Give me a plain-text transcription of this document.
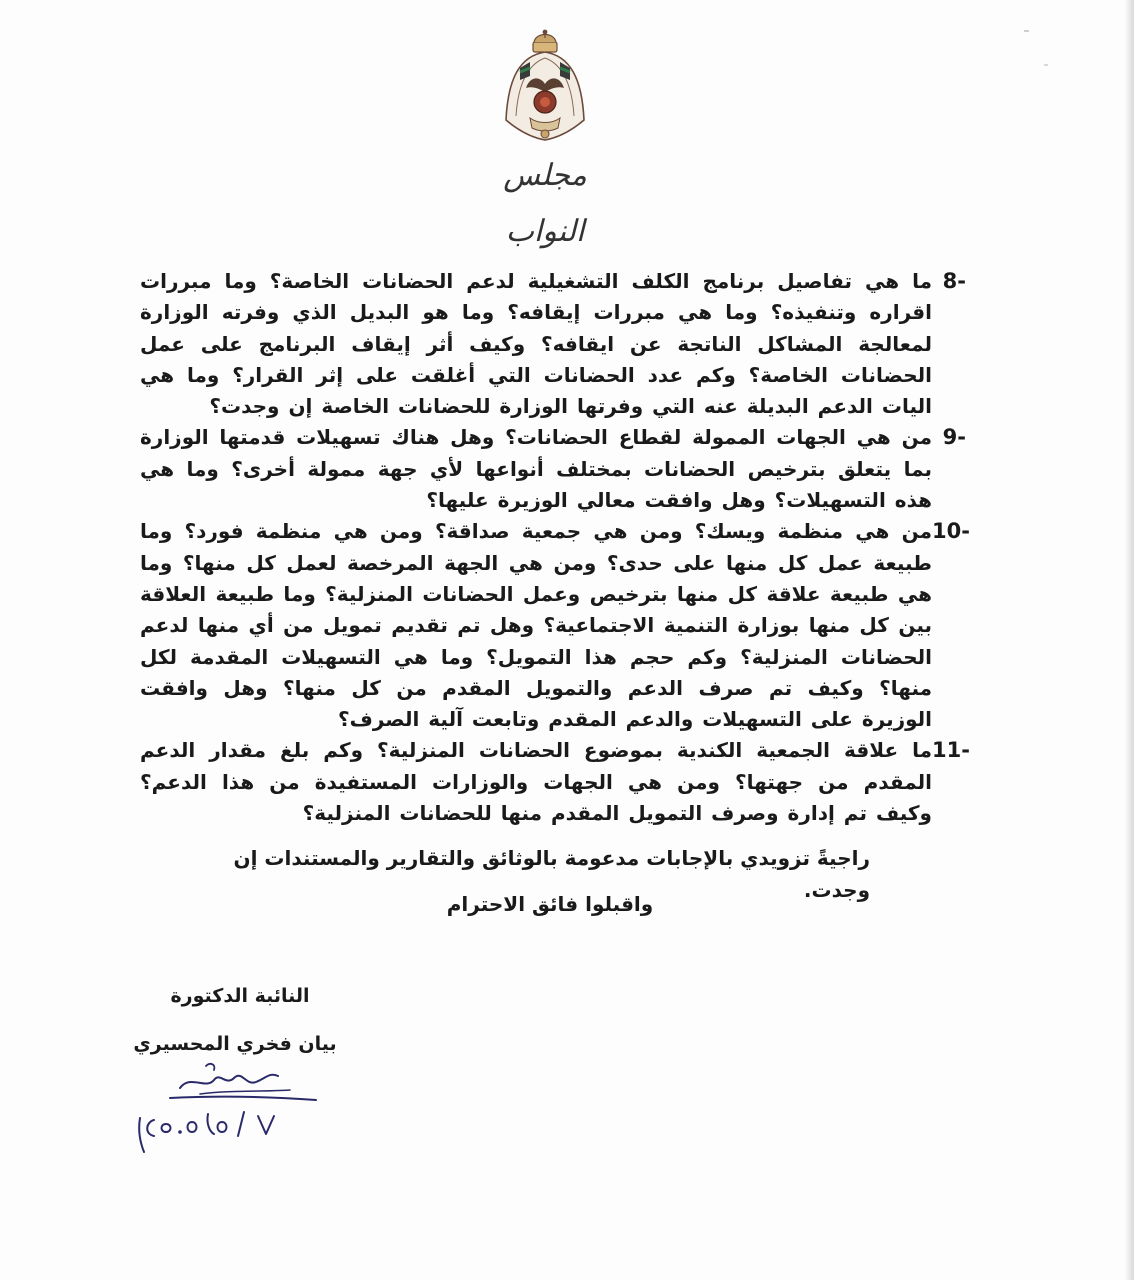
مجلس النواب
8-
ما هي تفاصيل برنامج الكلف التشغيلية لدعم الحضانات الخاصة؟ وما مبررات اقراره وتنفيذه؟ وما هي مبررات إيقافه؟ وما هو البديل الذي وفرته الوزارة لمعالجة المشاكل الناتجة عن ايقافه؟ وكيف أثر إيقاف البرنامج على عمل الحضانات الخاصة؟ وكم عدد الحضانات التي أغلقت على إثر القرار؟ وما هي اليات الدعم البديلة عنه التي وفرتها الوزارة للحضانات الخاصة إن وجدت؟
9-
من هي الجهات الممولة لقطاع الحضانات؟ وهل هناك تسهيلات قدمتها الوزارة بما يتعلق بترخيص الحضانات بمختلف أنواعها لأي جهة ممولة أخرى؟ وما هي هذه التسهيلات؟ وهل وافقت معالي الوزيرة عليها؟
10-
من هي منظمة ويسك؟ ومن هي جمعية صداقة؟ ومن هي منظمة فورد؟ وما طبيعة عمل كل منها على حدى؟ ومن هي الجهة المرخصة لعمل كل منها؟ وما هي طبيعة علاقة كل منها بترخيص وعمل الحضانات المنزلية؟ وما طبيعة العلاقة بين كل منها بوزارة التنمية الاجتماعية؟ وهل تم تقديم تمويل من أي منها لدعم الحضانات المنزلية؟ وكم حجم هذا التمويل؟ وما هي التسهيلات المقدمة لكل منها؟ وكيف تم صرف الدعم والتمويل المقدم من كل منها؟ وهل وافقت الوزيرة على التسهيلات والدعم المقدم وتابعت آلية الصرف؟
11-
ما علاقة الجمعية الكندية بموضوع الحضانات المنزلية؟ وكم بلغ مقدار الدعم المقدم من جهتها؟ ومن هي الجهات والوزارات المستفيدة من هذا الدعم؟ وكيف تم إدارة وصرف التمويل المقدم منها للحضانات المنزلية؟
راجيةً تزويدي بالإجابات مدعومة بالوثائق والتقارير والمستندات إن وجدت.
واقبلوا فائق الاحترام
النائبة الدكتورة
بيان فخري المحسيري
